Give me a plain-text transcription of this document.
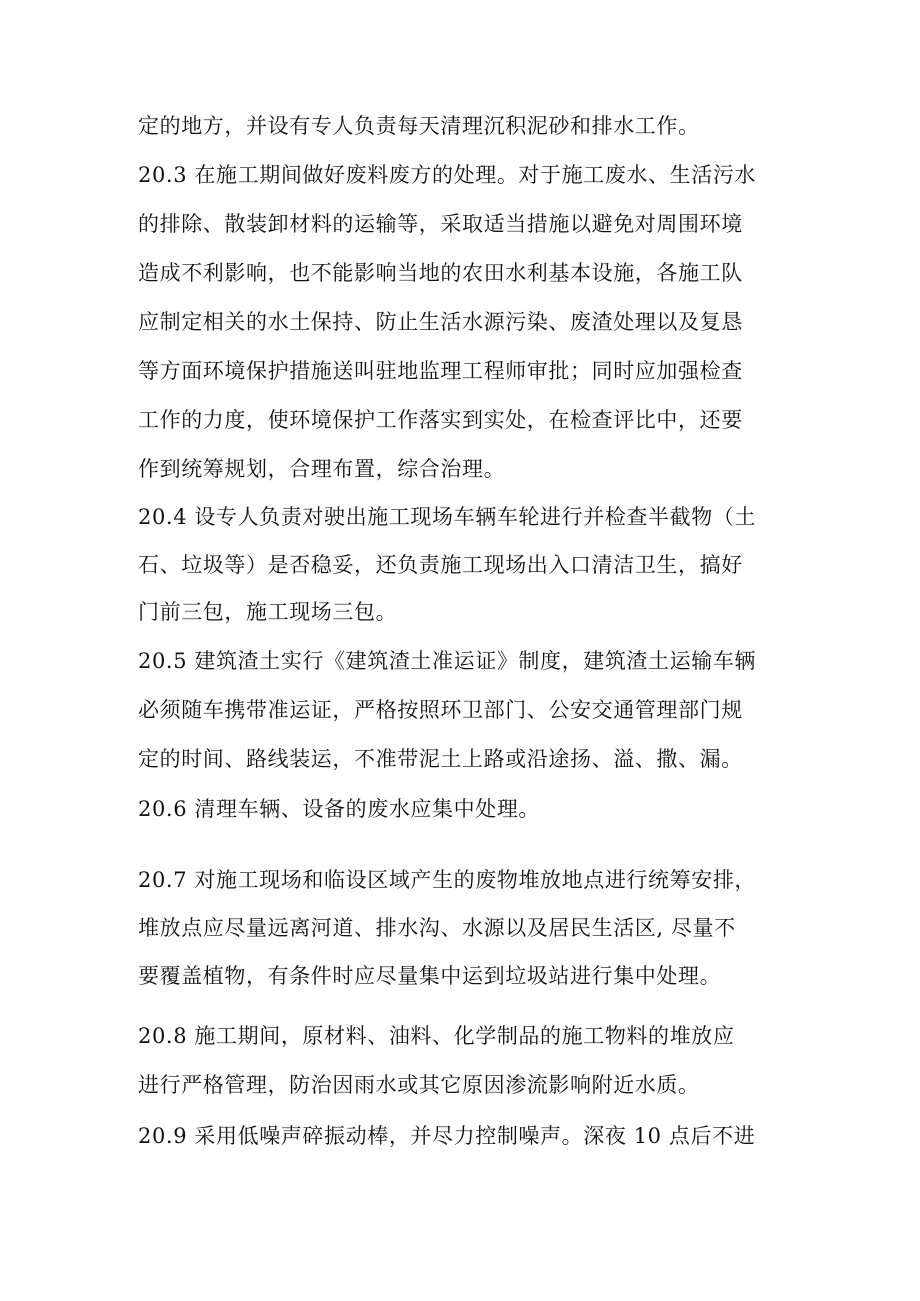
定的地方，并设有专人负责每天清理沉积泥砂和排水工作。
20.3 在施工期间做好废料废方的处理。对于施工废水、生活污水
的排除、散装卸材料的运输等，采取适当措施以避免对周围环境
造成不利影响，也不能影响当地的农田水利基本设施，各施工队
应制定相关的水土保持、防止生活水源污染、废渣处理以及复恳
等方面环境保护措施送叫驻地监理工程师审批；同时应加强检查
工作的力度，使环境保护工作落实到实处，在检查评比中，还要
作到统筹规划，合理布置，综合治理。
20.4 设专人负责对驶出施工现场车辆车轮进行并检查半截物（土
石、垃圾等）是否稳妥，还负责施工现场出入口清洁卫生，搞好
门前三包，施工现场三包。
20.5 建筑渣土实行《建筑渣土准运证》制度，建筑渣土运输车辆
必须随车携带准运证，严格按照环卫部门、公安交通管理部门规
定的时间、路线装运，不准带泥土上路或沿途扬、溢、撒、漏。
20.6 清理车辆、设备的废水应集中处理。
20.7 对施工现场和临设区域产生的废物堆放地点进行统筹安排，
堆放点应尽量远离河道、排水沟、水源以及居民生活区, 尽量不
要覆盖植物，有条件时应尽量集中运到垃圾站进行集中处理。
20.8 施工期间，原材料、油料、化学制品的施工物料的堆放应
进行严格管理，防治因雨水或其它原因渗流影响附近水质。
20.9 采用低噪声碎振动棒，并尽力控制噪声。深夜 10 点后不进
